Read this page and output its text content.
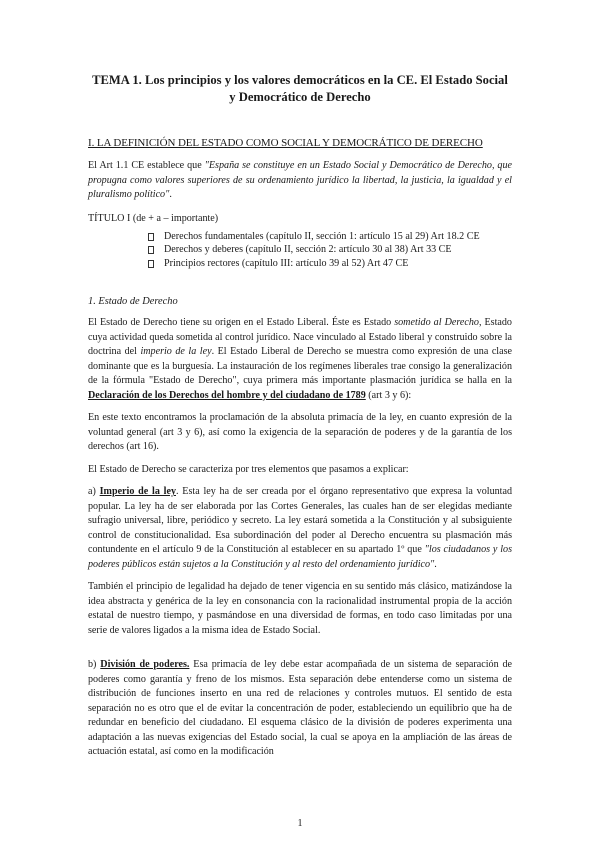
TEMA 1. Los principios y los valores democráticos en la CE. El Estado Social
y Democrático de Derecho
I. LA DEFINICIÓN DEL ESTADO COMO SOCIAL Y DEMOCRÁTICO DE DERECHO

El Art 1.1 CE establece que "España se constituye en un Estado Social y Democrático de Derecho, que propugna como valores superiores de su ordenamiento jurídico la libertad, la justicia, la igualdad y el pluralismo político".

TÍTULO I (de + a – importante)

Derechos fundamentales (capítulo II, sección 1: artículo 15 al 29) Art 18.2 CE
Derechos y deberes (capítulo II, sección 2: artículo 30 al 38) Art 33 CE
Principios rectores (capítulo III: artículo 39 al 52) Art 47 CE
1. Estado de Derecho

El Estado de Derecho tiene su origen en el Estado Liberal. Éste es Estado sometido al Derecho, Estado cuya actividad queda sometida al control jurídico. Nace vinculado al Estado liberal y construido sobre la doctrina del imperio de la ley. El Estado Liberal de Derecho se muestra como expresión de una clase dominante que es la burguesía. La instauración de los regímenes liberales trae consigo la generalización de la fórmula "Estado de Derecho", cuya primera más importante plasmación jurídica se halla en la Declaración de los Derechos del hombre y del ciudadano de 1789 (art 3 y 6):

En este texto encontramos la proclamación de la absoluta primacía de la ley, en cuanto expresión de la voluntad general (art 3 y 6), así como la exigencia de la separación de poderes y de la garantía de los derechos (art 16).

El Estado de Derecho se caracteriza por tres elementos que pasamos a explicar:

a) Imperio de la ley. Esta ley ha de ser creada por el órgano representativo que expresa la voluntad popular. La ley ha de ser elaborada por las Cortes Generales, las cuales han de ser elegidas mediante sufragio universal, libre, periódico y secreto. La ley estará sometida a la Constitución y al subsiguiente control de constitucionalidad. Esa subordinación del poder al Derecho encuentra su plasmación más contundente en el artículo 9 de la Constitución al establecer en su apartado 1º que "los ciudadanos y los poderes públicos están sujetos a la Constitución y al resto del ordenamiento jurídico".

También el principio de legalidad ha dejado de tener vigencia en su sentido más clásico, matizándose la idea abstracta y genérica de la ley en consonancia con la racionalidad instrumental propia de la acción estatal de nuestro tiempo, y pasmándose en una diversidad de formas, en todo caso limitadas por una serie de valores ligados a la misma idea de Estado Social.

b) División de poderes. Esa primacía de ley debe estar acompañada de un sistema de separación de poderes como garantía y freno de los mismos. Esta separación debe entenderse como un sistema de distribución de funciones inserto en una red de relaciones y controles mutuos. El sentido de esta separación no es otro que el de evitar la concentración de poder, estableciendo un equilibrio que ha de redundar en beneficio del ciudadano. El esquema clásico de la división de poderes experimenta una adaptación a las nuevas exigencias del Estado social, la cual se apoya en la ampliación de las áreas de actuación estatal, así como en la modificación

1
